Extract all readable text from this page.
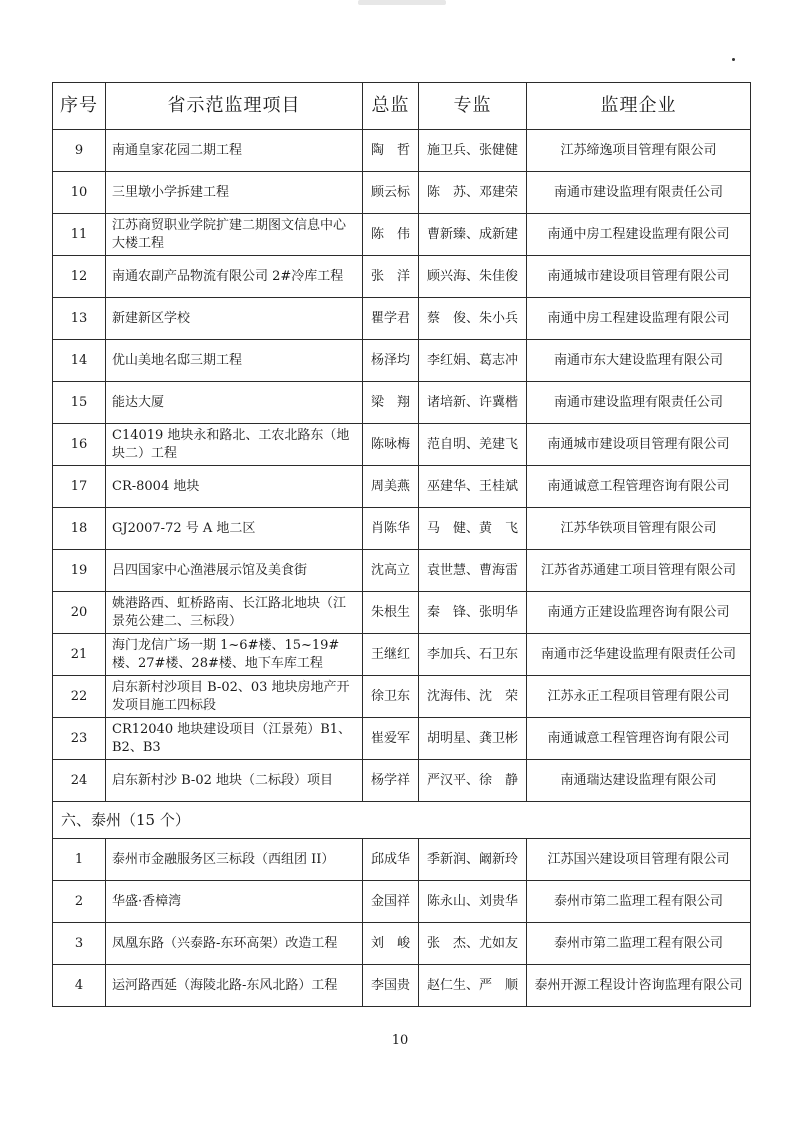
序号	省示范监理项目	总监	专监	监理企业
9	南通皇家花园二期工程	陶　哲	施卫兵、张健健	江苏缔逸项目管理有限公司
10	三里墩小学拆建工程	顾云标	陈　苏、邓建荣	南通市建设监理有限责任公司
11	江苏商贸职业学院扩建二期图文信息中心大楼工程	陈　伟	曹新臻、成新建	南通中房工程建设监理有限公司
12	南通农副产品物流有限公司 2#冷库工程	张　洋	顾兴海、朱佳俊	南通城市建设项目管理有限公司
13	新建新区学校	瞿学君	蔡　俊、朱小兵	南通中房工程建设监理有限公司
14	优山美地名邸三期工程	杨泽均	李红娟、葛志冲	南通市东大建设监理有限公司
15	能达大厦	梁　翔	诸培新、许冀楷	南通市建设监理有限责任公司
16	C14019 地块永和路北、工农北路东（地块二）工程	陈咏梅	范自明、羌建飞	南通城市建设项目管理有限公司
17	CR-8004 地块	周美燕	巫建华、王桂斌	南通诚意工程管理咨询有限公司
18	GJ2007-72 号 A 地二区	肖陈华	马　健、黄　飞	江苏华铁项目管理有限公司
19	吕四国家中心渔港展示馆及美食街	沈高立	袁世慧、曹海雷	江苏省苏通建工项目管理有限公司
20	姚港路西、虹桥路南、长江路北地块（江景苑公建二、三标段）	朱根生	秦　锋、张明华	南通方正建设监理咨询有限公司
21	海门龙信广场一期 1~6#楼、15~19#楼、27#楼、28#楼、地下车库工程	王继红	李加兵、石卫东	南通市泛华建设监理有限责任公司
22	启东新村沙项目 B-02、03 地块房地产开发项目施工四标段	徐卫东	沈海伟、沈　荣	江苏永正工程项目管理有限公司
23	CR12040 地块建设项目（江景苑）B1、B2、B3	崔爱军	胡明星、龚卫彬	南通诚意工程管理咨询有限公司
24	启东新村沙 B-02 地块（二标段）项目	杨学祥	严汉平、徐　静	南通瑞达建设监理有限公司
六、泰州（15 个）				
1	泰州市金融服务区三标段（西组团 II）	邱成华	季新润、阚新玲	江苏国兴建设项目管理有限公司
2	华盛·香樟湾	金国祥	陈永山、刘贵华	泰州市第二监理工程有限公司
3	凤凰东路（兴泰路-东环高架）改造工程	刘　峻	张　杰、尤如友	泰州市第二监理工程有限公司
4	运河路西延（海陵北路-东风北路）工程	李国贵	赵仁生、严　顺	泰州开源工程设计咨询监理有限公司
10
